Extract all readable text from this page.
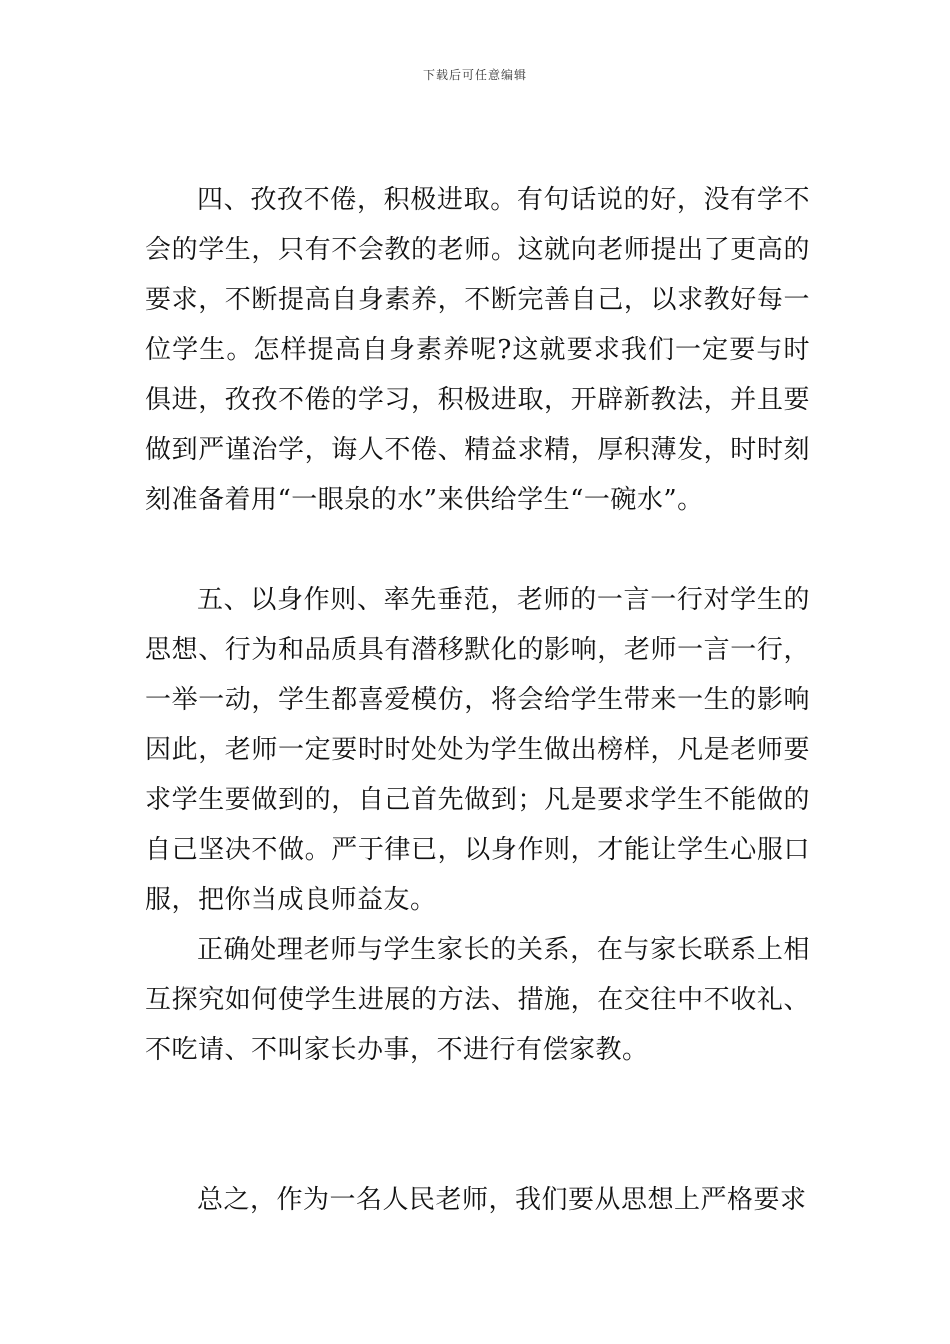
下载后可任意编辑

四、孜孜不倦，积极进取。有句话说的好，没有学不会的学生，只有不会教的老师。这就向老师提出了更高的要求，不断提高自身素养，不断完善自己，以求教好每一位学生。怎样提高自身素养呢?这就要求我们一定要与时俱进，孜孜不倦的学习，积极进取，开辟新教法，并且要做到严谨治学，诲人不倦、精益求精，厚积薄发，时时刻刻准备着用“一眼泉的水”来供给学生“一碗水”。

五、以身作则、率先垂范，老师的一言一行对学生的思想、行为和品质具有潜移默化的影响，老师一言一行，一举一动，学生都喜爱模仿，将会给学生带来一生的影响因此，老师一定要时时处处为学生做出榜样，凡是老师要求学生要做到的，自己首先做到；凡是要求学生不能做的自己坚决不做。严于律已，以身作则，才能让学生心服口服，把你当成良师益友。

正确处理老师与学生家长的关系，在与家长联系上相互探究如何使学生进展的方法、措施，在交往中不收礼、不吃请、不叫家长办事，不进行有偿家教。

总之，作为一名人民老师，我们要从思想上严格要求
